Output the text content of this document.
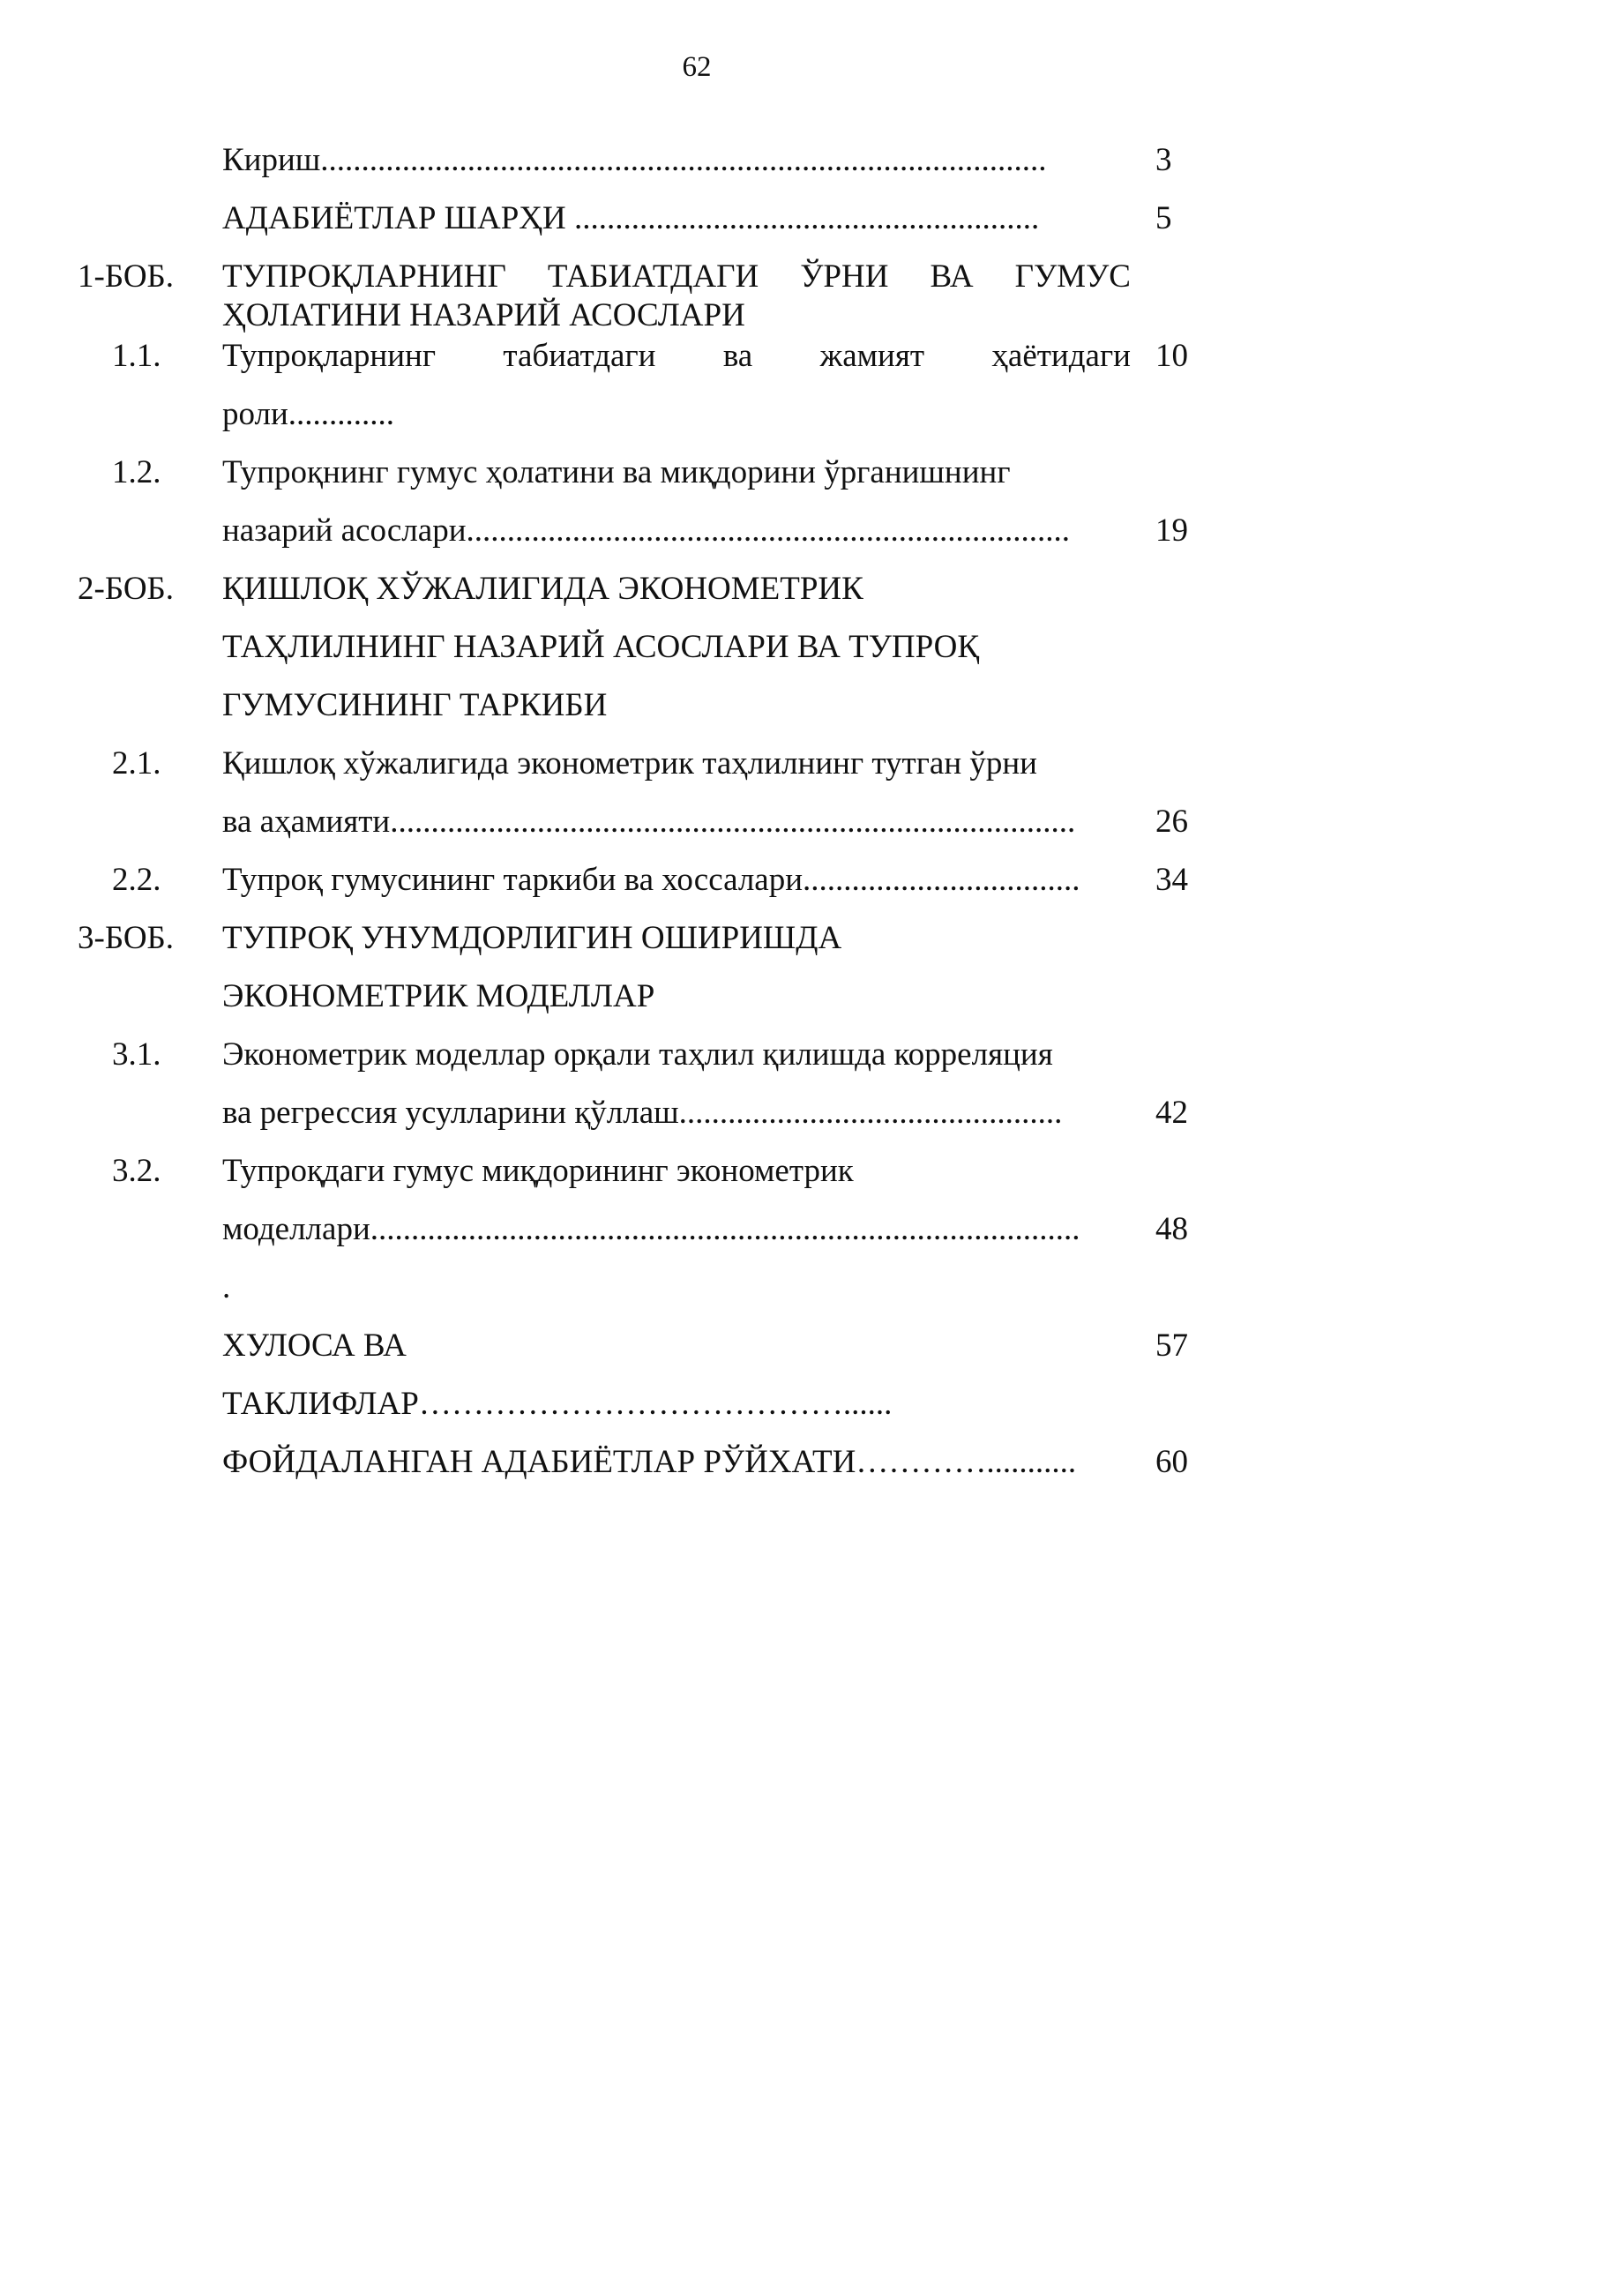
62
Кириш.........................................................................................	3
АДАБИЁТЛАР ШАРҲИ .........................................................	5
1-БОБ. ТУПРОҚЛАРНИНГ ТАБИАТДАГИ ЎРНИ ВА ГУМУС
ҲОЛАТИНИ НАЗАРИЙ АСОСЛАРИ
1.1. Тупроқларнинг табиатдаги ва жамият ҳаётидаги 10
роли.............
1.2. Тупроқнинг гумус ҳолатини ва миқдорини ўрганишнинг
назарий асослари..........................................................................	19
2-БОБ. ҚИШЛОҚ ХЎЖАЛИГИДА ЭКОНОМЕТРИК
ТАҲЛИЛНИНГ НАЗАРИЙ АСОСЛАРИ ВА ТУПРОҚ
ГУМУСИНИНГ ТАРКИБИ
2.1. Қишлоқ хўжалигида эконометрик таҳлилнинг тутган ўрни
ва аҳамияти.................................................................................... 26
2.2. Тупроқ гумусининг таркиби ва хоссалари.................................. 34
3-БОБ. ТУПРОҚ УНУМДОРЛИГИН ОШИРИШДА
ЭКОНОМЕТРИК МОДЕЛЛАР
3.1. Эконометрик моделлар орқали таҳлил қилишда корреляция
ва регрессия усулларини қўллаш...............................................	42
3.2. Тупроқдаги гумус миқдорининг эконометрик
моделлари....................................................................................... 48
.
ХУЛОСА ВА	57
ТАКЛИФЛАР…………………………………......
ФОЙДАЛАНГАН АДАБИЁТЛАР РЎЙХАТИ…………........... 60
